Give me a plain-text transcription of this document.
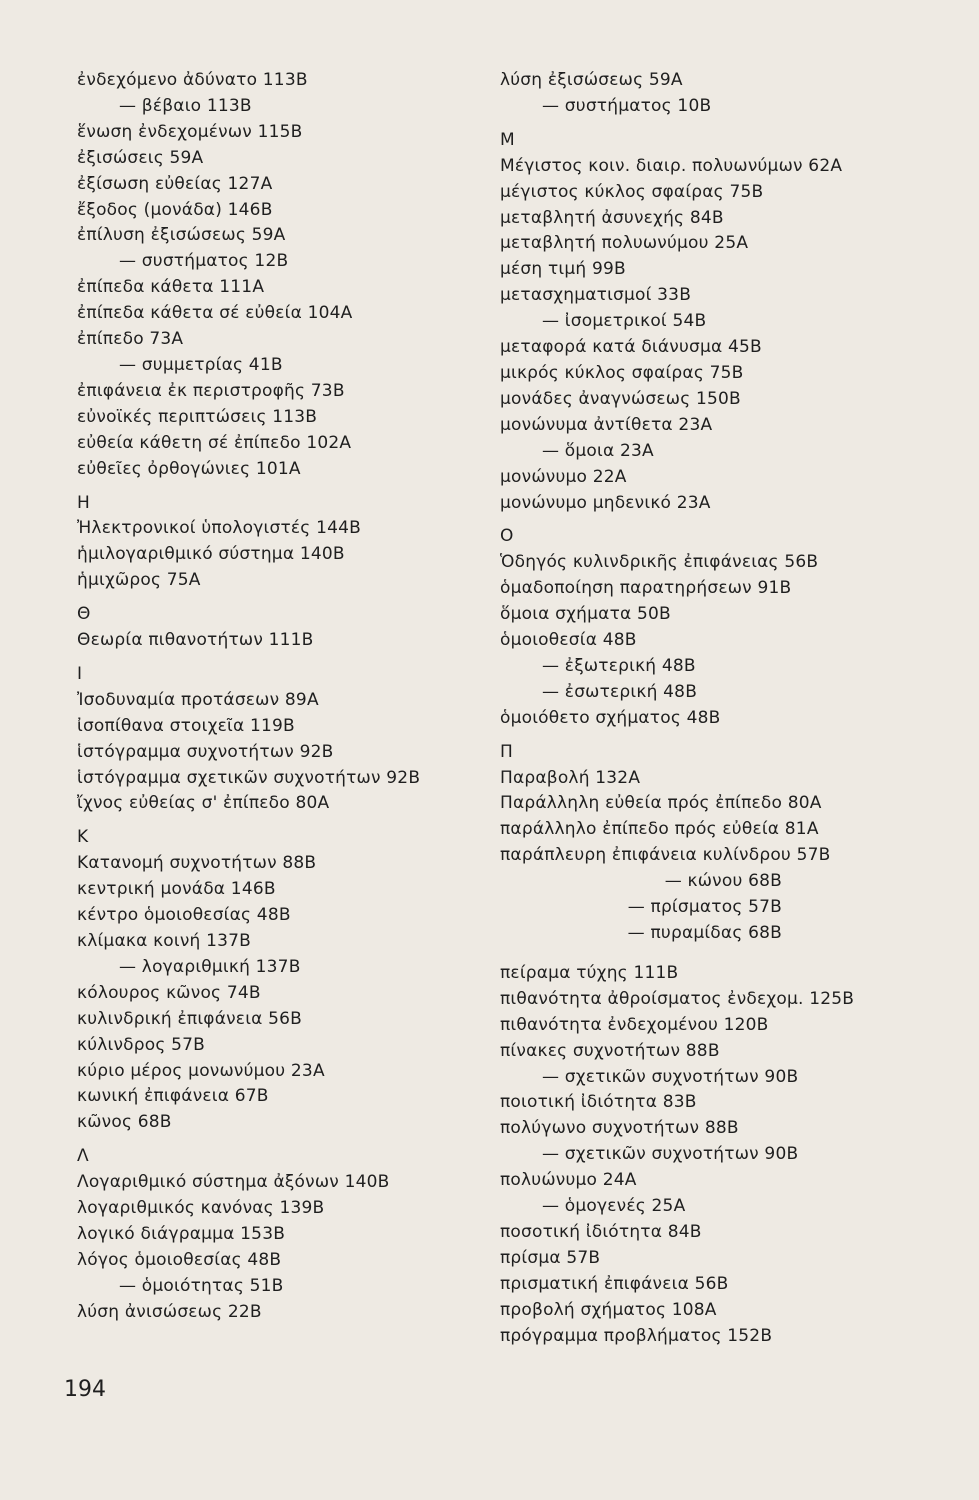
ἐνδεχόμενο ἀδύνατο 113Β
— βέβαιο 113Β
ἕνωση ἐνδεχομένων 115Β
ἐξισώσεις 59Α
ἐξίσωση εὐθείας 127Α
ἔξοδος (μονάδα) 146Β
ἐπίλυση ἐξισώσεως 59Α
— συστήματος 12Β
ἐπίπεδα κάθετα 111Α
ἐπίπεδα κάθετα σέ εὐθεία 104Α
ἐπίπεδο 73Α
— συμμετρίας 41Β
ἐπιφάνεια ἐκ περιστροφῆς 73Β
εὐνοϊκές περιπτώσεις 113Β
εὐθεία κάθετη σέ ἐπίπεδο 102Α
εὐθεῖες ὀρθογώνιες 101Α
Η
Ἠλεκτρονικοί ὑπολογιστές 144Β
ἡμιλογαριθμικό σύστημα 140Β
ἡμιχῶρος 75Α
Θ
Θεωρία πιθανοτήτων 111Β
Ι
Ἰσοδυναμία προτάσεων 89Α
ἰσοπίθανα στοιχεῖα 119Β
ἱστόγραμμα συχνοτήτων 92Β
ἱστόγραμμα σχετικῶν συχνοτήτων 92Β
ἴχνος εὐθείας σ' ἐπίπεδο 80Α
Κ
Κατανομή συχνοτήτων 88Β
κεντρική μονάδα 146Β
κέντρο ὁμοιοθεσίας 48Β
κλίμακα κοινή 137Β
— λογαριθμική 137Β
κόλουρος κῶνος 74Β
κυλινδρική ἐπιφάνεια 56Β
κύλινδρος 57Β
κύριο μέρος μονωνύμου 23Α
κωνική ἐπιφάνεια 67Β
κῶνος 68Β
Λ
Λογαριθμικό σύστημα ἀξόνων 140Β
λογαριθμικός κανόνας 139Β
λογικό διάγραμμα 153Β
λόγος ὁμοιοθεσίας 48Β
— ὁμοιότητας 51Β
λύση ἀνισώσεως 22Β
λύση ἐξισώσεως 59Α
— συστήματος 10Β
Μ
Μέγιστος κοιν. διαιρ. πολυωνύμων 62Α
μέγιστος κύκλος σφαίρας 75Β
μεταβλητή ἀσυνεχής 84Β
μεταβλητή πολυωνύμου 25Α
μέση τιμή 99Β
μετασχηματισμοί 33Β
— ἰσομετρικοί 54Β
μεταφορά κατά διάνυσμα 45Β
μικρός κύκλος σφαίρας 75Β
μονάδες ἀναγνώσεως 150Β
μονώνυμα ἀντίθετα 23Α
— ὅμοια 23Α
μονώνυμο 22Α
μονώνυμο μηδενικό 23Α
Ο
Ὁδηγός κυλινδρικῆς ἐπιφάνειας 56Β
ὁμαδοποίηση παρατηρήσεων 91Β
ὅμοια σχήματα 50Β
ὁμοιοθεσία 48Β
— ἐξωτερική 48Β
— ἐσωτερική 48Β
ὁμοιόθετο σχήματος 48Β
Π
Παραβολή 132Α
Παράλληλη εὐθεία πρός ἐπίπεδο 80Α
παράλληλο ἐπίπεδο πρός εὐθεία 81Α
παράπλευρη ἐπιφάνεια κυλίνδρου 57Β
— κώνου 68Β
— πρίσματος 57Β
— πυραμίδας 68Β
πείραμα τύχης 111Β
πιθανότητα ἀθροίσματος ἐνδεχομ. 125Β
πιθανότητα ἐνδεχομένου 120Β
πίνακες συχνοτήτων 88Β
— σχετικῶν συχνοτήτων 90Β
ποιοτική ἰδιότητα 83Β
πολύγωνο συχνοτήτων 88Β
— σχετικῶν συχνοτήτων 90Β
πολυώνυμο 24Α
— ὁμογενές 25Α
ποσοτική ἰδιότητα 84Β
πρίσμα 57Β
πρισματική ἐπιφάνεια 56Β
προβολή σχήματος 108Α
πρόγραμμα προβλήματος 152Β
194
